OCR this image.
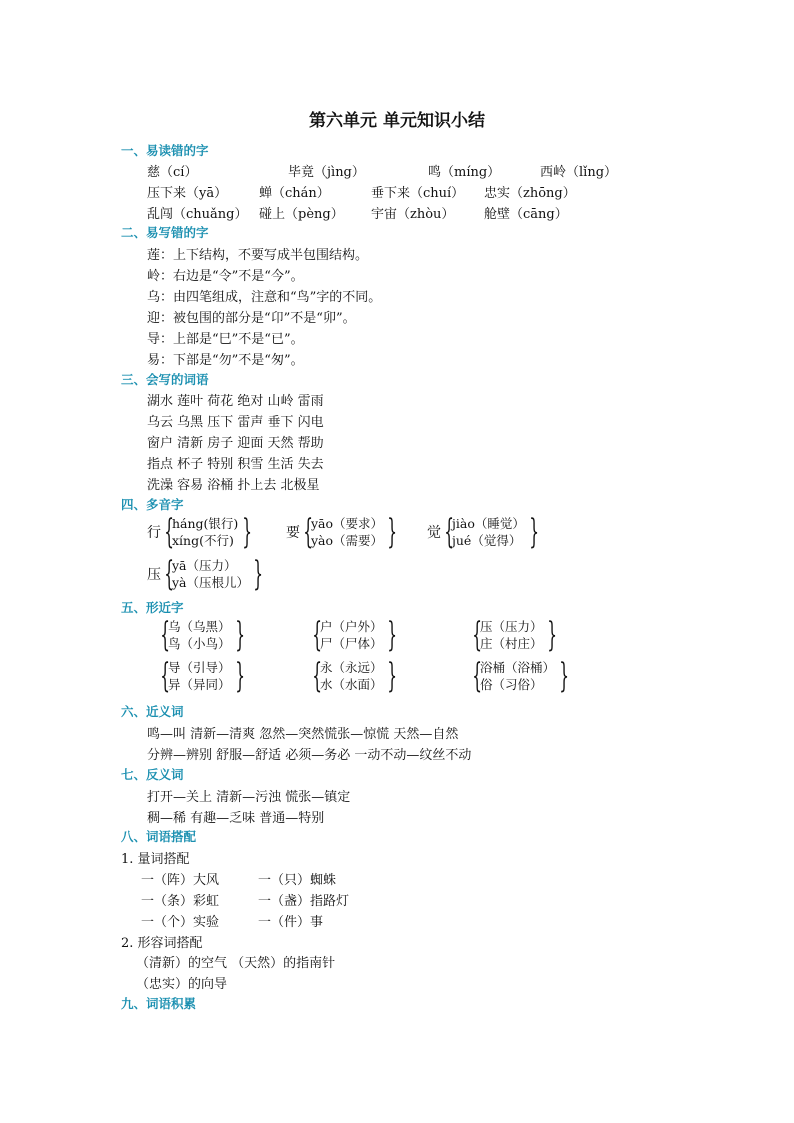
第六单元 单元知识小结
一、易读错的字
慈（cí）	毕竟（jìng）	鸣（míng）	西岭（lǐng）
压下来（yā） 蝉（chán）	垂下来（chuí） 忠实（zhōng）
乱闯（chuǎng） 碰上（pèng） 宇宙（zhòu） 舱壁（cāng）
二、易写错的字
莲：上下结构，不要写成半包围结构。
岭：右边是“令”不是“今”。
乌：由四笔组成，注意和“鸟”字的不同。
迎：被包围的部分是“卬”不是“卯”。
导：上部是“巳”不是“已”。
易：下部是“勿”不是“匆”。
三、会写的词语
湖水 莲叶 荷花 绝对 山岭 雷雨
乌云 乌黑 压下 雷声 垂下 闪电
窗户 清新 房子 迎面 天然 帮助
指点 杯子 特别 积雪 生活 失去
洗澡 容易 浴桶 扑上去 北极星
四、多音字
行 {
háng(银行)
xíng(不行) } 要 {
yāo（要求）
yào（需要） } 觉 {
jiào（睡觉）
jué（觉得） }
压 {
yā（压力）
yà（压根儿） }
五、形近字
{
乌（乌黑）
鸟（小鸟） } {
户（户外）
尸（尸体） } {
压（压力）
庄（村庄） }
{
导（引导）
异（异同） } {
永（永远）
水（水面） } {
浴桶（浴桶）
俗（习俗） }
六、近义词
鸣—叫 清新—清爽 忽然—突然慌张—惊慌 天然—自然
分辨—辨别 舒服—舒适 必须—务必 一动不动—纹丝不动
七、反义词
打开—关上 清新—污浊 慌张—镇定
稠—稀 有趣—乏味 普通—特别
八、词语搭配
1. 量词搭配
一（阵）大风	一（只）蜘蛛
一（条）彩虹	一（盏）指路灯
一（个）实验	一（件）事
2. 形容词搭配
（清新）的空气 （天然）的指南针
（忠实）的向导
九、词语积累
